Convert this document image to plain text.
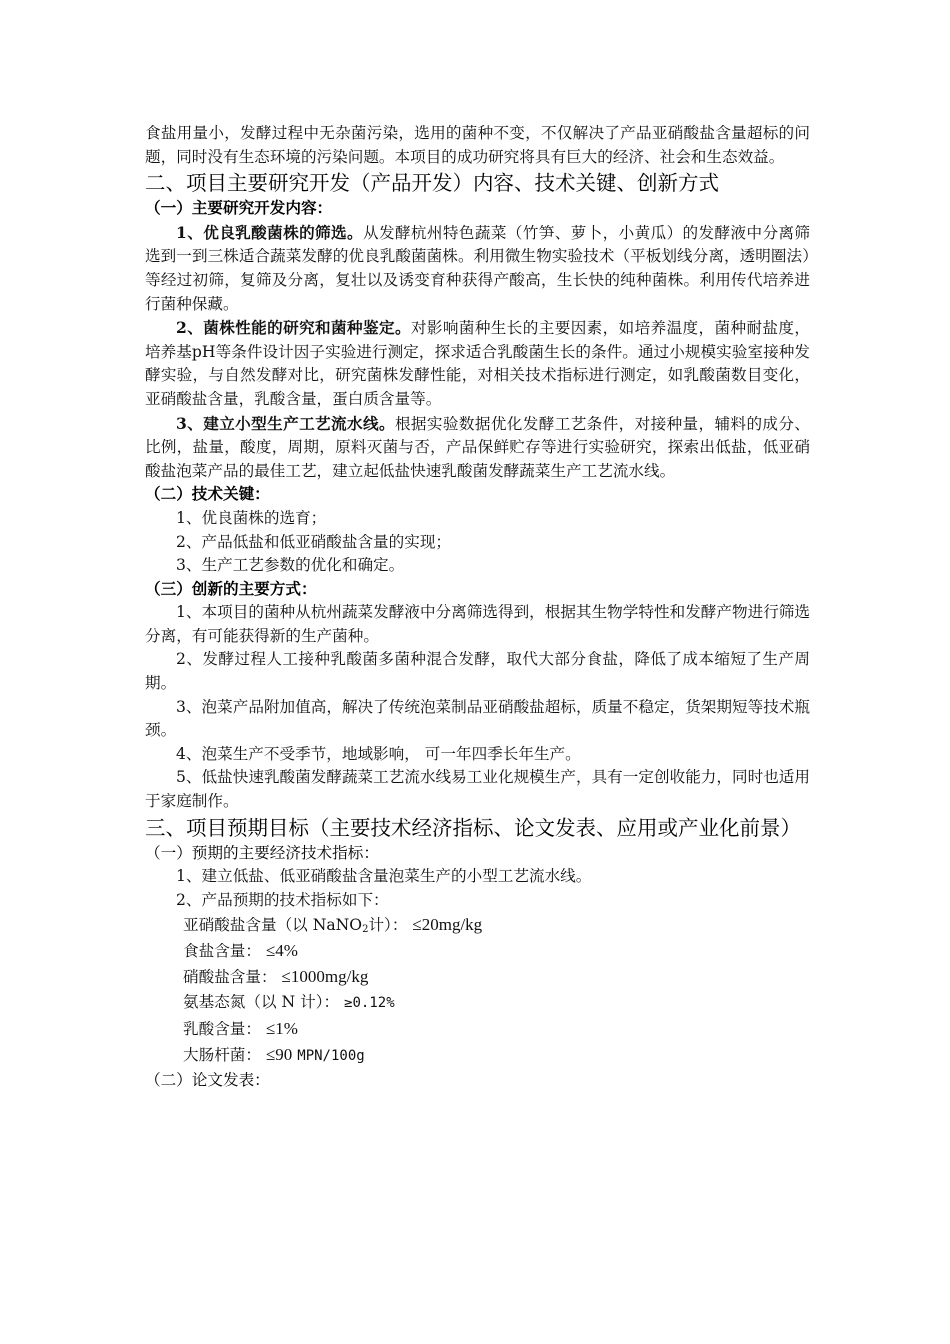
食盐用量小，发酵过程中无杂菌污染，选用的菌种不变，不仅解决了产品亚硝酸盐含量超标的问题，同时没有生态环境的污染问题。本项目的成功研究将具有巨大的经济、社会和生态效益。

二、项目主要研究开发（产品开发）内容、技术关键、创新方式
（一）主要研究开发内容：

1、优良乳酸菌株的筛选。从发酵杭州特色蔬菜（竹笋、萝卜，小黄瓜）的发酵液中分离筛选到一到三株适合蔬菜发酵的优良乳酸菌菌株。利用微生物实验技术（平板划线分离，透明圈法）等经过初筛，复筛及分离，复壮以及诱变育种获得产酸高，生长快的纯种菌株。利用传代培养进行菌种保藏。

2、菌株性能的研究和菌种鉴定。对影响菌种生长的主要因素，如培养温度，菌种耐盐度，培养基pH等条件设计因子实验进行测定，探求适合乳酸菌生长的条件。通过小规模实验室接种发酵实验，与自然发酵对比，研究菌株发酵性能，对相关技术指标进行测定，如乳酸菌数目变化，亚硝酸盐含量，乳酸含量，蛋白质含量等。

3、建立小型生产工艺流水线。根据实验数据优化发酵工艺条件，对接种量，辅料的成分、比例，盐量，酸度，周期，原料灭菌与否，产品保鲜贮存等进行实验研究，探索出低盐，低亚硝酸盐泡菜产品的最佳工艺，建立起低盐快速乳酸菌发酵蔬菜生产工艺流水线。

（二）技术关键：

1、优良菌株的选育；

2、产品低盐和低亚硝酸盐含量的实现；

3、生产工艺参数的优化和确定。

（三）创新的主要方式：

1、本项目的菌种从杭州蔬菜发酵液中分离筛选得到，根据其生物学特性和发酵产物进行筛选分离，有可能获得新的生产菌种。

2、发酵过程人工接种乳酸菌多菌种混合发酵，取代大部分食盐，降低了成本缩短了生产周期。

3、泡菜产品附加值高，解决了传统泡菜制品亚硝酸盐超标，质量不稳定，货架期短等技术瓶颈。

4、泡菜生产不受季节，地域影响， 可一年四季长年生产。

5、低盐快速乳酸菌发酵蔬菜工艺流水线易工业化规模生产，具有一定创收能力，同时也适用于家庭制作。

三、项目预期目标（主要技术经济指标、论文发表、应用或产业化前景）
（一）预期的主要经济技术指标：

1、建立低盐、低亚硝酸盐含量泡菜生产的小型工艺流水线。

2、产品预期的技术指标如下：

亚硝酸盐含量（以 NaNO$_2$计）： ≤20mg/kg

食盐含量： ≤4%

硝酸盐含量： ≤1000mg/kg

氨基态氮（以 N 计）： ≥0.12%

乳酸含量： ≤1%

大肠杆菌： ≤90 MPN/100g

（二）论文发表：
